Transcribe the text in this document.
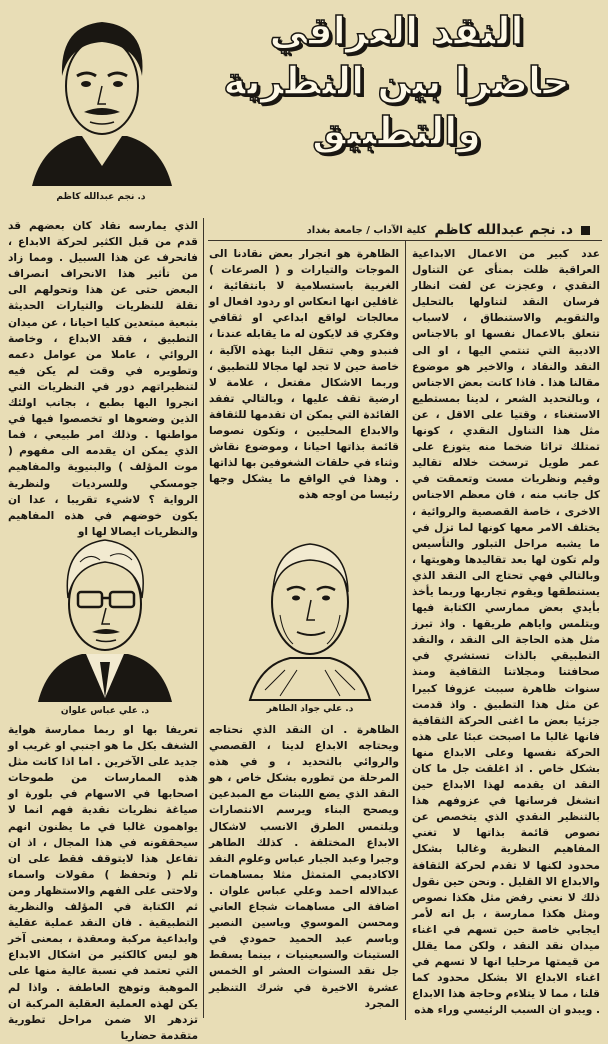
النقد العراقي
حاضرا بين النظرية
والتطبيق
د. نجم عبدالله كاظم
د. نجم عبدالله كاظم
كلية الآداب / جامعة بغداد
عدد كبير من الاعمال الابداعية العراقية ظلت بمنأى عن التناول النقدي ، وعجزت عن لفت انظار فرسان النقد لتناولها بالتحليل والتقويم والاستنطاق ، لاسباب تتعلق بالاعمال نفسها او بالاجناس الادبية التي تنتمي اليها ، او الى النقد والنقاد ، والاخير هو موضوع مقالنا هذا . فاذا كانت بعض الاجناس ، وبالتحديد الشعر ، لدينا بمستطيع الاستغناء ، وقتيا على الاقل ، عن مثل هذا التناول النقدي ، كونها تمتلك تراثا ضخما منه يتوزع على عمر طويل ترسخت خلاله تقاليد وقيم ونظريات مست وتعمقت في كل جانب منه ، فان معظم الاجناس الاخرى ، خاصة القصصية والروائية ، يختلف الامر معها كونها لما تزل في ما يشبه مراحل التبلور والتأسيس ولم تكون لها بعد تقاليدها وهويتها ، وبالتالي فهي تحتاج الى النقد الذي يستنطقها ويقوم تجاربها وربما يأخذ بأيدي بعض ممارسي الكتابة فيها ويتلمس واياهم طريقها . واذ تبرز مثل هذه الحاجة الى النقد ، والنقد التطبيقي بالذات تستشري في صحافتنا ومجلاتنا الثقافية ومنذ سنوات ظاهرة سببت عزوفا كبيرا عن مثل هذا التطبيق . واذ قدمت جزئيا بعض ما اغنى الحركة الثقافية فانها غالبا ما اصبحت عبئا على هذه الحركة نفسها وعلى الابداع منها بشكل خاص . اذ اغلقت جل ما كان النقد ان يقدمه لهذا الابداع حين انشغل فرسانها في عزوفهم هذا بالتنظير النقدي الذي يتخصص عن نصوص قائمة بذاتها لا تغني المفاهيم النظرية وغالبا بشكل محدود لكنها لا تقدم لحركة الثقافة والابداع الا القليل . ونحن حين نقول ذلك لا نعني رفض مثل هكذا نصوص ومثل هكذا ممارسة ، بل انه لأمر ايجابي خاصة حين تسهم في اغناء ميدان نقد النقد ، ولكن مما يقلل من قيمتها مرحليا انها لا تسهم في اغناء الابداع الا بشكل محدود كما قلنا ، مما لا يتلاءم وحاجة هذا الابداع . ويبدو ان السبب الرئيسي وراء هذه
الظاهرة هو انجرار بعض نقادنا الى الموجات والتيارات و ( الصرعات ) الغربية باستسلامية لا بانتقائية ، غافلين انها انعكاس او ردود افعال او معالجات لواقع ابداعي او ثقافي وفكري قد لايكون له ما يقابله عندنا ، فنبدو وهي تنقل الينا بهذه الآلية ، خاصة حين لا تجد لها مجالا للتطبيق ، وربما الاشكال مفتعل ، علامة لا ارضية تقف عليها ، وبالتالي تفقد الفائدة التي يمكن ان تقدمها للثقافة والابداع المحليين ، وتكون نصوصا قائمة بذاتها احيانا ، وموضوع نقاش وثناء في حلقات الشغوفين بها لذاتها . وهذا في الواقع ما يشكل وجها رئيسا من اوجه هذه
د. علي جواد الطاهر
الظاهرة . ان النقد الذي نحتاجه ويحتاجه الابداع لدينا ، القصصي والروائي بالتحديد ، و في هذه المرحلة من تطوره بشكل خاص ، هو النقد الذي يضع اللبنات مع المبدعين ويصحح البناء ويرسم الانتصارات ويلتمس الطرق الانسب لاشكال الابداع المختلفة . كذلك الطاهر وجبرا وعبد الجبار عباس وعلوم النقد الاكاديمي المتمثل مثلا بمساهمات عبدالاله احمد وعلي عباس علوان . اضافة الى مساهمات شجاع العاني ومحسن الموسوي وياسين النصير وباسم عبد الحميد حمودي في الستينات والسبعينيات ، بينما يسقط جل نقد السنوات العشر او الخمس عشرة الاخيرة في شرك التنظير المجرد
الذي يمارسه نقاد كان بعضهم قد قدم من قبل الكثير لحركة الابداع ، فانحرف عن هذا السبيل . ومما زاد من تأثير هذا الانحراف انصراف البعض حتى عن هذا وتحولهم الى نقلة للنظريات والتيارات الحديثة بتبعية مبتعدين كليا احيانا ، عن ميدان التطبيق ، فقد الابداع ، وخاصة الروائي ، عاملا من عوامل دعمه وتطويره في وقت لم يكن فيه لتنظيراتهم دور في النظريات التي انجروا اليها بطبع ، بجانب اولئك الذين وضعوها او تخصصوا فيها في مواطنها . وذلك امر طبيعي ، فما الذي يمكن ان يقدمه الى مفهوم ( موت المؤلف ) والبنيوية والمفاهيم جومسكي وللسرديات ولنظرية الرواية ؟ لاشيء تقريبا ، عدا ان يكون خوضهم في هذه المفاهيم والنظريات ايصالا لها او
د. علي عباس علوان
تعريفا بها او ربما ممارسة هواية الشغف بكل ما هو اجنبي او غريب او جديد على الآخرين . اما اذا كانت مثل هذه الممارسات من طموحات اصحابها في الاسهام في بلورة او صياغة نظريات نقدية فهم انما لا يواهمون غالبا في ما يظنون انهم سيحققونه في هذا المجال ، اذ ان تفاعل هذا لايتوقف فقط على ان تلم ( وتحفظ ) مقولات واسماء ولاحتى على الفهم والاستظهار ومن ثم الكتابة في المؤلف والنظرية التطبيقية . فان النقد عملية عقلية وابداعية مركبة ومعقدة ، بمعنى آخر هو ليس كالكثير من اشكال الابداع التي تعتمد في نسبة عالية منها على الموهبة وتوهج العاطفة . واذا لم يكن لهذه العملية العقلية المركبة ان تزدهر الا ضمن مراحل تطورية متقدمة حضاريا
